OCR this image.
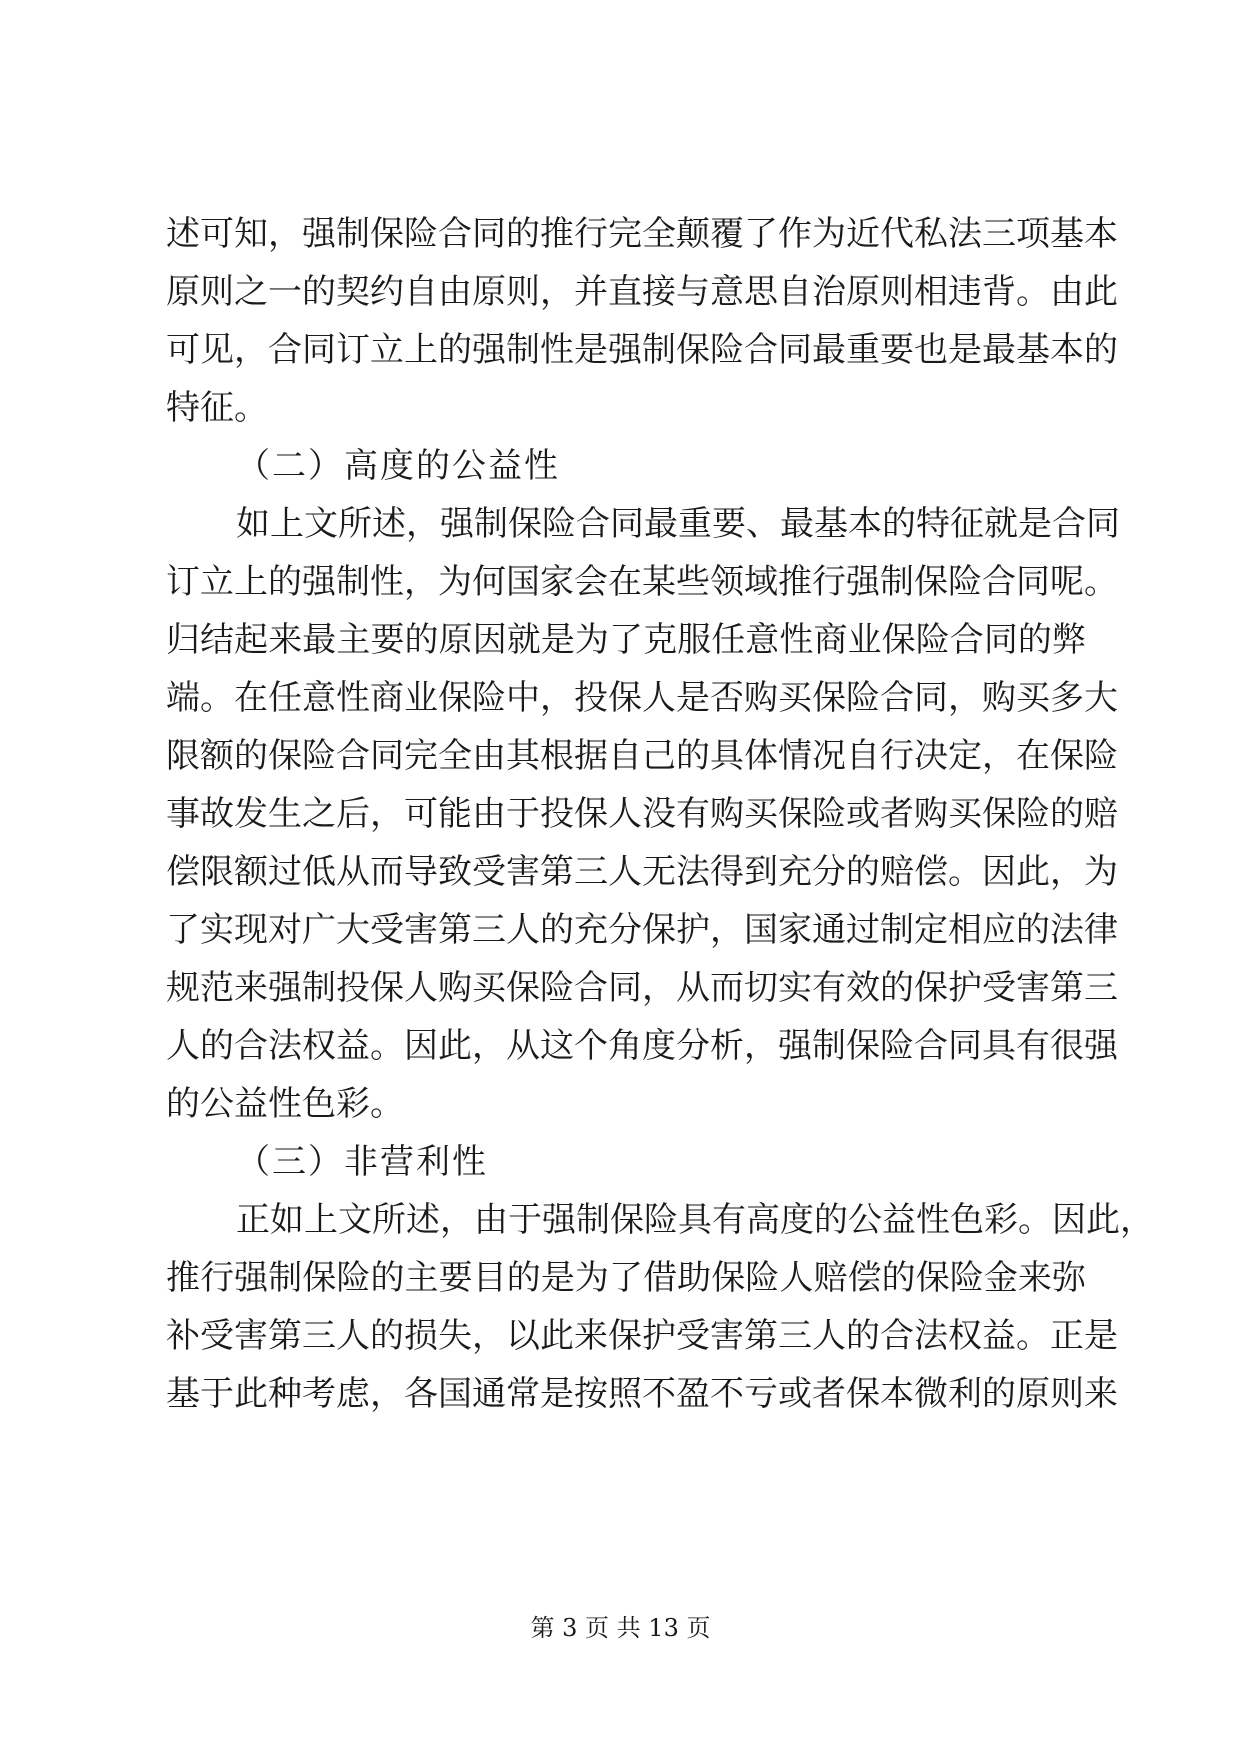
述可知，强制保险合同的推行完全颠覆了作为近代私法三项基本
原则之一的契约自由原则，并直接与意思自治原则相违背。由此
可见，合同订立上的强制性是强制保险合同最重要也是最基本的
特征。
（二）高度的公益性
如上文所述，强制保险合同最重要、最基本的特征就是合同
订立上的强制性，为何国家会在某些领域推行强制保险合同呢。
归结起来最主要的原因就是为了克服任意性商业保险合同的弊
端。在任意性商业保险中，投保人是否购买保险合同，购买多大
限额的保险合同完全由其根据自己的具体情况自行决定，在保险
事故发生之后，可能由于投保人没有购买保险或者购买保险的赔
偿限额过低从而导致受害第三人无法得到充分的赔偿。因此，为
了实现对广大受害第三人的充分保护，国家通过制定相应的法律
规范来强制投保人购买保险合同，从而切实有效的保护受害第三
人的合法权益。因此，从这个角度分析，强制保险合同具有很强
的公益性色彩。
（三）非营利性
正如上文所述，由于强制保险具有高度的公益性色彩。因此，
推行强制保险的主要目的是为了借助保险人赔偿的保险金来弥
补受害第三人的损失，以此来保护受害第三人的合法权益。正是
基于此种考虑，各国通常是按照不盈不亏或者保本微利的原则来
第 3 页 共 13 页
